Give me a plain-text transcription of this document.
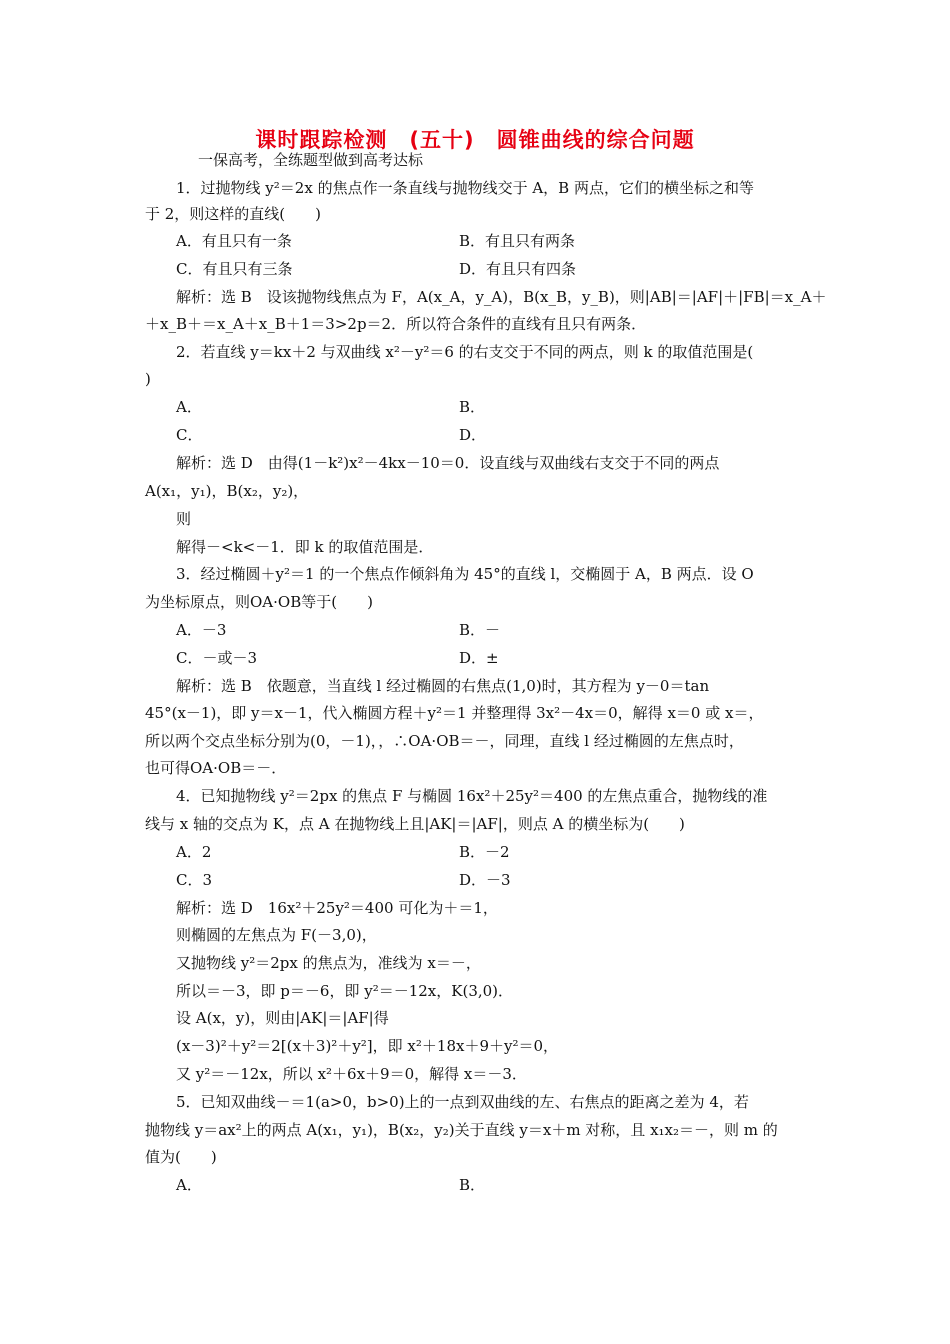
课时跟踪检测　(五十)　圆锥曲线的综合问题
一保高考，全练题型做到高考达标
1．过抛物线 y²＝2x 的焦点作一条直线与抛物线交于 A，B 两点，它们的横坐标之和等
于 2，则这样的直线(　　)
A．有且只有一条	B．有且只有两条
C．有且只有三条	D．有且只有四条
解析：选 B　设该抛物线焦点为 F，A(x_A，y_A)，B(x_B，y_B)，则|AB|＝|AF|＋|FB|＝x_A＋
＋x_B＋＝x_A＋x_B＋1＝3>2p＝2．所以符合条件的直线有且只有两条．
2．若直线 y＝kx＋2 与双曲线 x²－y²＝6 的右支交于不同的两点，则 k 的取值范围是(
)
A．	B．
C．	D．
解析：选 D　由得(1－k²)x²－4kx－10＝0．设直线与双曲线右支交于不同的两点
A(x₁，y₁)，B(x₂，y₂)，
则
解得－<k<－1．即 k 的取值范围是．
3．经过椭圆＋y²＝1 的一个焦点作倾斜角为 45°的直线 l，交椭圆于 A，B 两点．设 O
为坐标原点，则OA·OB等于(　　)
A．－3	B．－
C．－或－3	D．±
解析：选 B　依题意，当直线 l 经过椭圆的右焦点(1,0)时，其方程为 y－0＝tan
45°(x－1)，即 y＝x－1，代入椭圆方程＋y²＝1 并整理得 3x²－4x＝0，解得 x＝0 或 x＝，
所以两个交点坐标分别为(0，－1)，，∴OA·OB＝－，同理，直线 l 经过椭圆的左焦点时，
也可得OA·OB＝－．
4．已知抛物线 y²＝2px 的焦点 F 与椭圆 16x²＋25y²＝400 的左焦点重合，抛物线的准
线与 x 轴的交点为 K，点 A 在抛物线上且|AK|＝|AF|，则点 A 的横坐标为(　　)
A．2	B．－2
C．3	D．－3
解析：选 D　16x²＋25y²＝400 可化为＋＝1，
则椭圆的左焦点为 F(－3,0)，
又抛物线 y²＝2px 的焦点为，准线为 x＝－，
所以＝－3，即 p＝－6，即 y²＝－12x，K(3,0)．
设 A(x，y)，则由|AK|＝|AF|得
(x－3)²＋y²＝2[(x＋3)²＋y²]，即 x²＋18x＋9＋y²＝0，
又 y²＝－12x，所以 x²＋6x＋9＝0，解得 x＝－3．
5．已知双曲线－＝1(a>0，b>0)上的一点到双曲线的左、右焦点的距离之差为 4，若
抛物线 y＝ax²上的两点 A(x₁，y₁)，B(x₂，y₂)关于直线 y＝x＋m 对称，且 x₁x₂＝－，则 m 的
值为(　　)
A．	B．
